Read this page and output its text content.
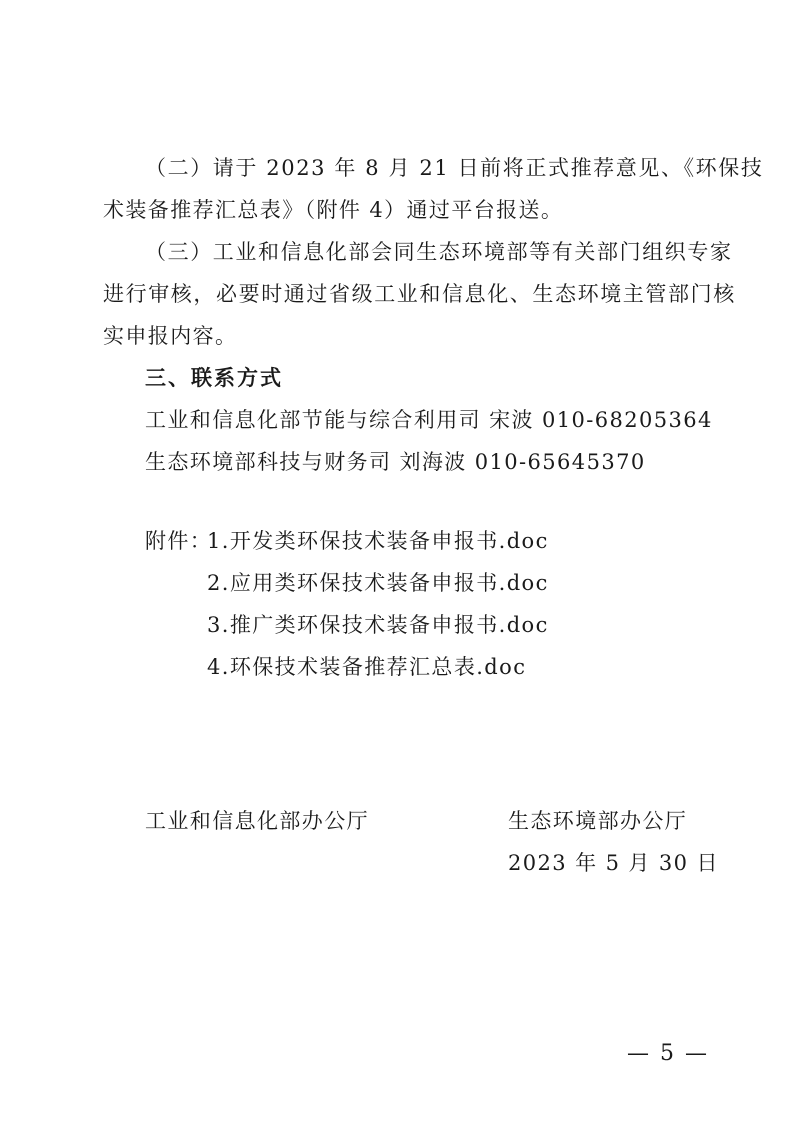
（二）请于 2023 年 8 月 21 日前将正式推荐意见、《环保技
术装备推荐汇总表》（附件 4）通过平台报送。
（三）工业和信息化部会同生态环境部等有关部门组织专家
进行审核，必要时通过省级工业和信息化、生态环境主管部门核
实申报内容。
三、联系方式
工业和信息化部节能与综合利用司 宋波 010-68205364
生态环境部科技与财务司 刘海波 010-65645370
附件：
1.开发类环保技术装备申报书.doc
2.应用类环保技术装备申报书.doc
3.推广类环保技术装备申报书.doc
4.环保技术装备推荐汇总表.doc
工业和信息化部办公厅	生态环境部办公厅
2023 年 5 月 30 日
— 5 —
